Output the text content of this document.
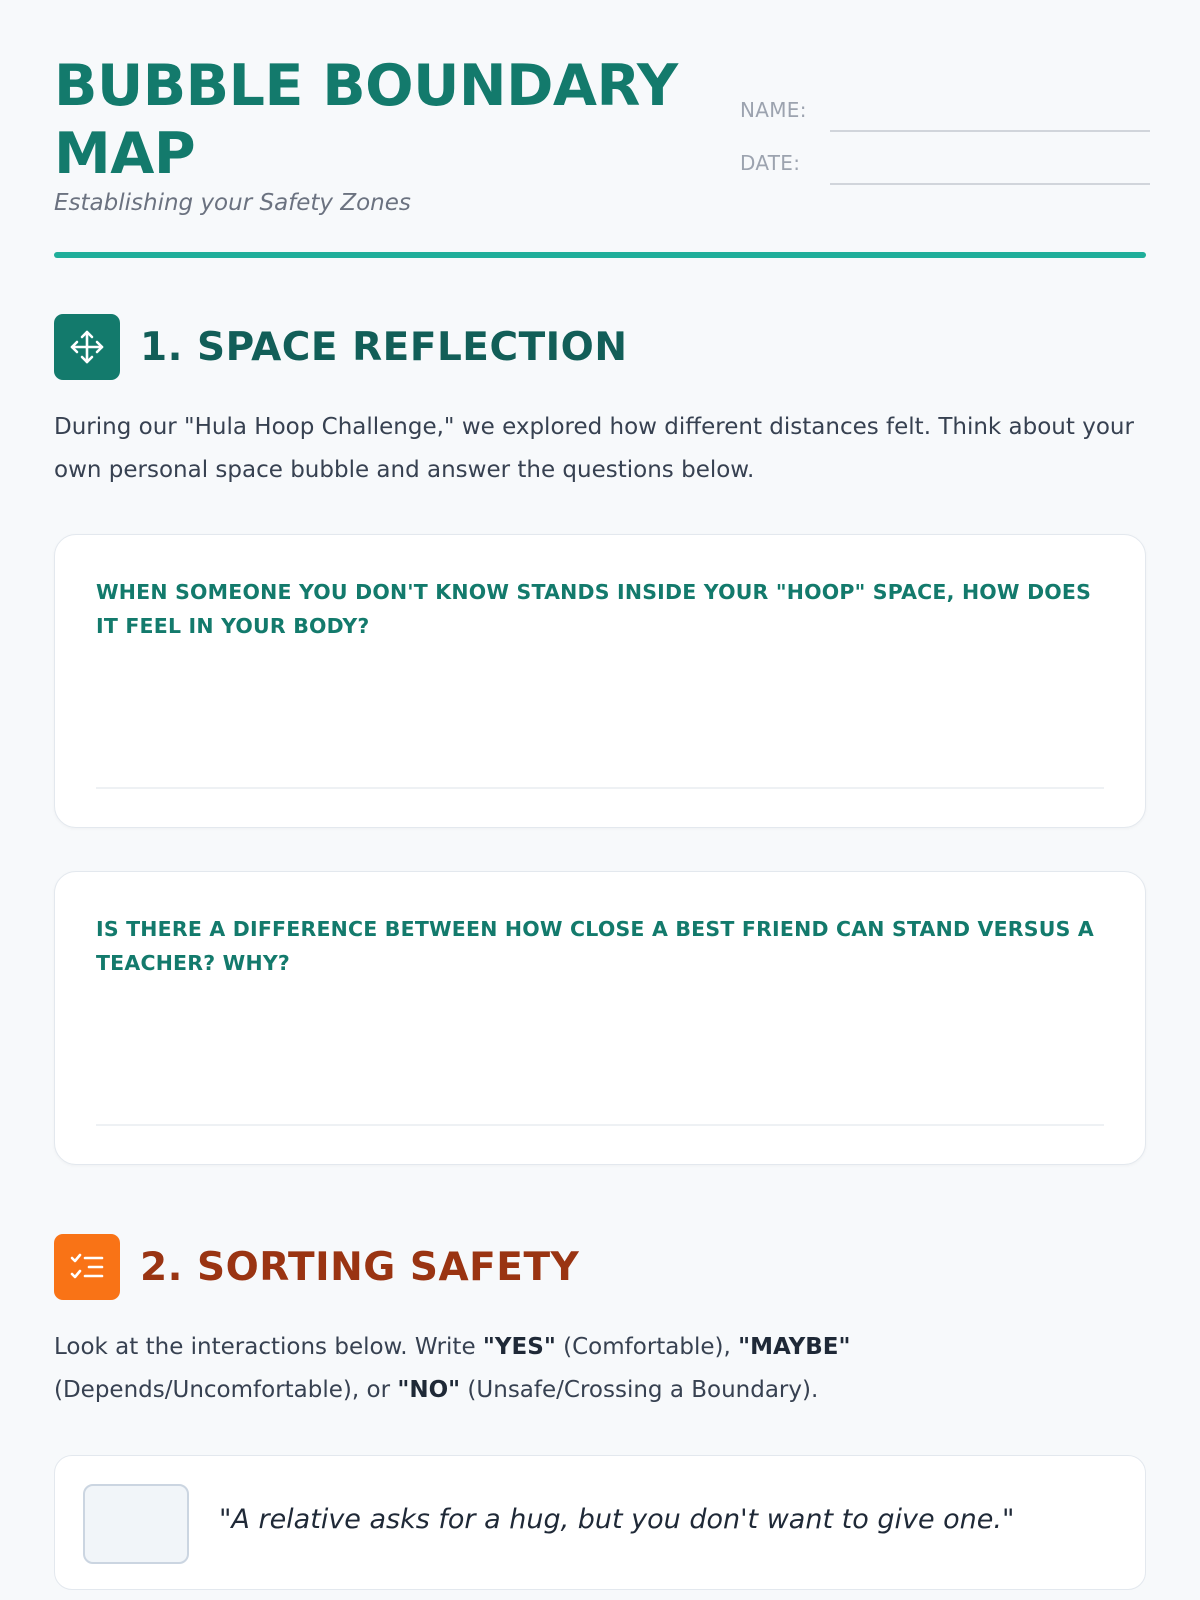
BUBBLE BOUNDARY MAP
Establishing your Safety Zones
NAME:
DATE:
1. SPACE REFLECTION

During our "Hula Hoop Challenge," we explored how different distances felt. Think about your own personal space bubble and answer the questions below.

WHEN SOMEONE YOU DON'T KNOW STANDS INSIDE YOUR "HOOP" SPACE, HOW DOES IT FEEL IN YOUR BODY?
IS THERE A DIFFERENCE BETWEEN HOW CLOSE A BEST FRIEND CAN STAND VERSUS A TEACHER? WHY?
2. SORTING SAFETY

Look at the interactions below. Write "YES" (Comfortable), "MAYBE" (Depends/Uncomfortable), or "NO" (Unsafe/Crossing a Boundary).

"A relative asks for a hug, but you don't want to give one."
